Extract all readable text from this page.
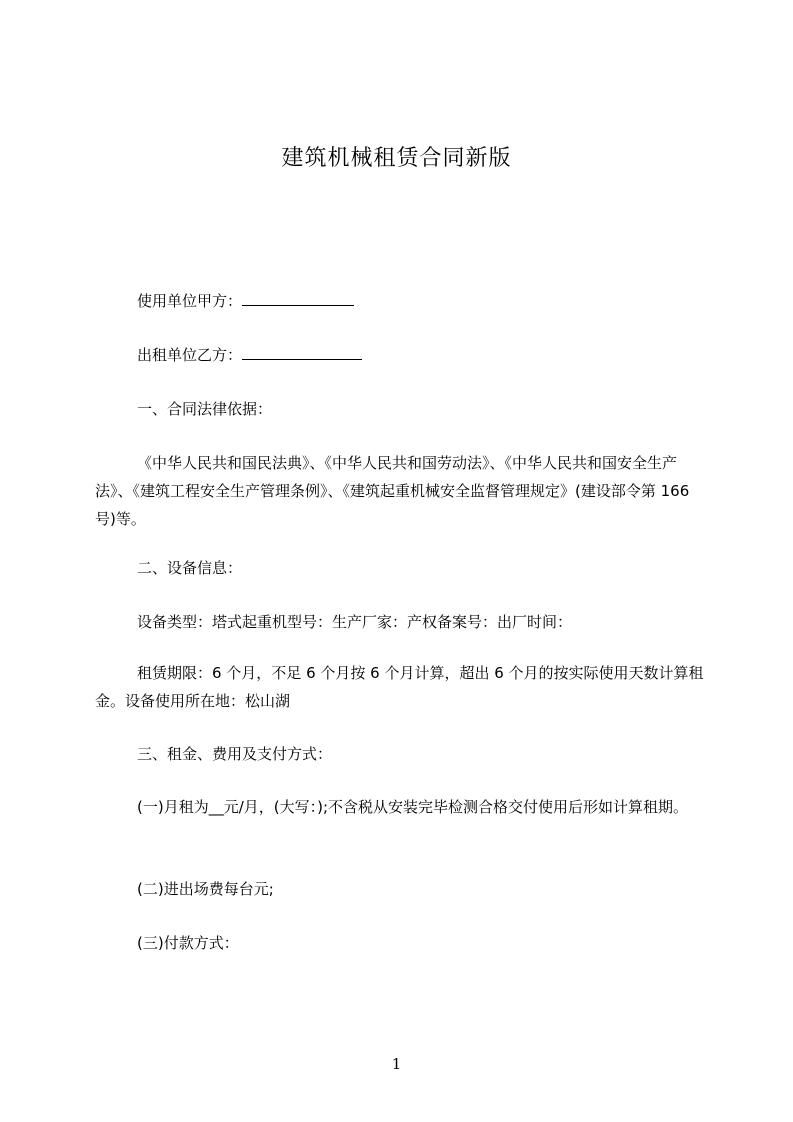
建筑机械租赁合同新版

使用单位甲方：

出租单位乙方：

一、合同法律依据：

《中华人民共和国民法典》、《中华人民共和国劳动法》、《中华人民共和国安全生产法》、《建筑工程安全生产管理条例》、《建筑起重机械安全监督管理规定》(建设部令第 166 号)等。

二、设备信息：

设备类型：塔式起重机型号：生产厂家：产权备案号：出厂时间：

租赁期限：6 个月，不足 6 个月按 6 个月计算，超出 6 个月的按实际使用天数计算租金。设备使用所在地：松山湖

三、租金、费用及支付方式：

(一)月租为__元/月，(大写：);不含税从安装完毕检测合格交付使用后形如计算租期。

(二)进出场费每台元;

(三)付款方式：

1
